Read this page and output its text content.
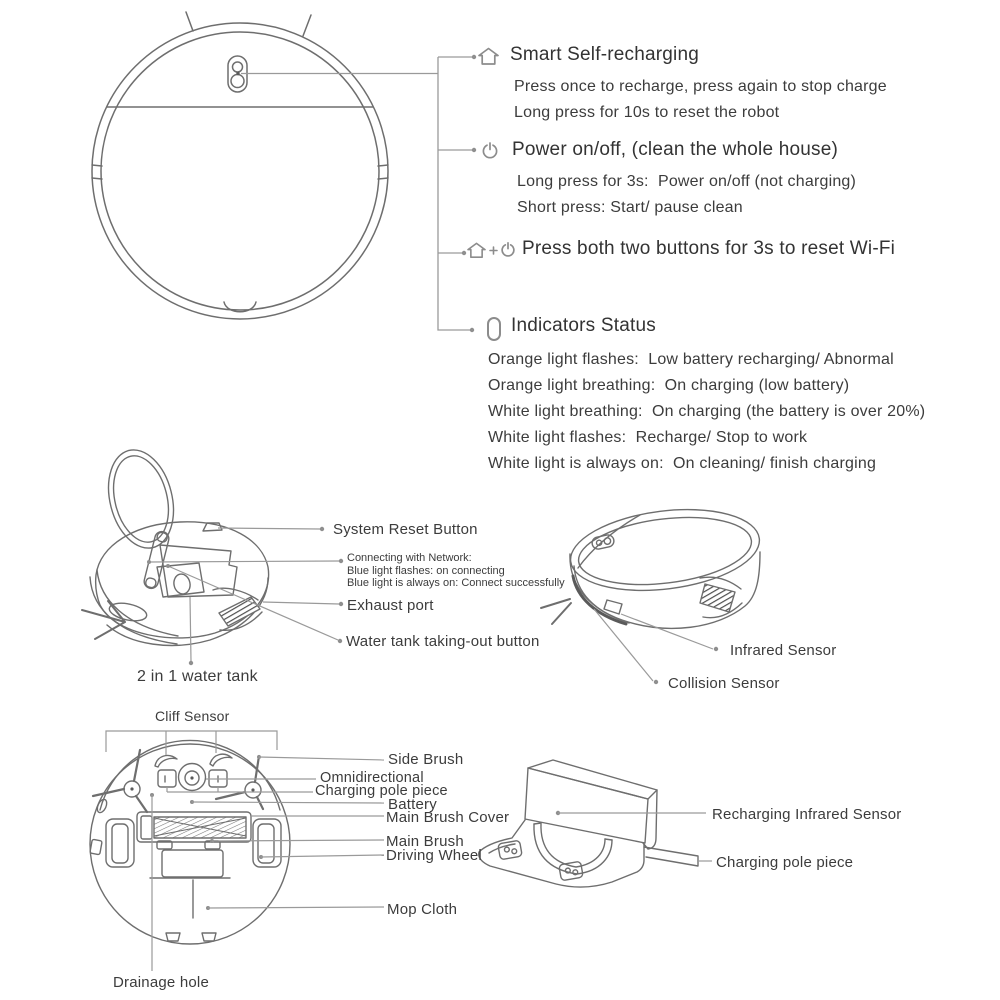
Smart Self-recharging
Press once to recharge, press again to stop charge
Long press for 10s to reset the robot
Power on/off, (clean the whole house)
Long press for 3s:  Power on/off (not charging)
Short press: Start/ pause clean
Press both two buttons for 3s to reset Wi-Fi
Indicators Status
Orange light flashes:  Low battery recharging/ Abnormal
Orange light breathing:  On charging (low battery)
White light breathing:  On charging (the battery is over 20%)
White light flashes:  Recharge/ Stop to work
White light is always on:  On cleaning/ finish charging
System Reset Button
Connecting with Network:
Blue light flashes: on connecting
Blue light is always on: Connect successfully
Exhaust port
Water tank taking-out button
2 in 1 water tank
Infrared Sensor
Collision Sensor
Cliff Sensor
Side Brush
Omnidirectional
Charging pole piece
Battery
Main Brush Cover
Main Brush
Driving Wheel
Mop Cloth
Drainage hole
Recharging Infrared Sensor
Charging pole piece
